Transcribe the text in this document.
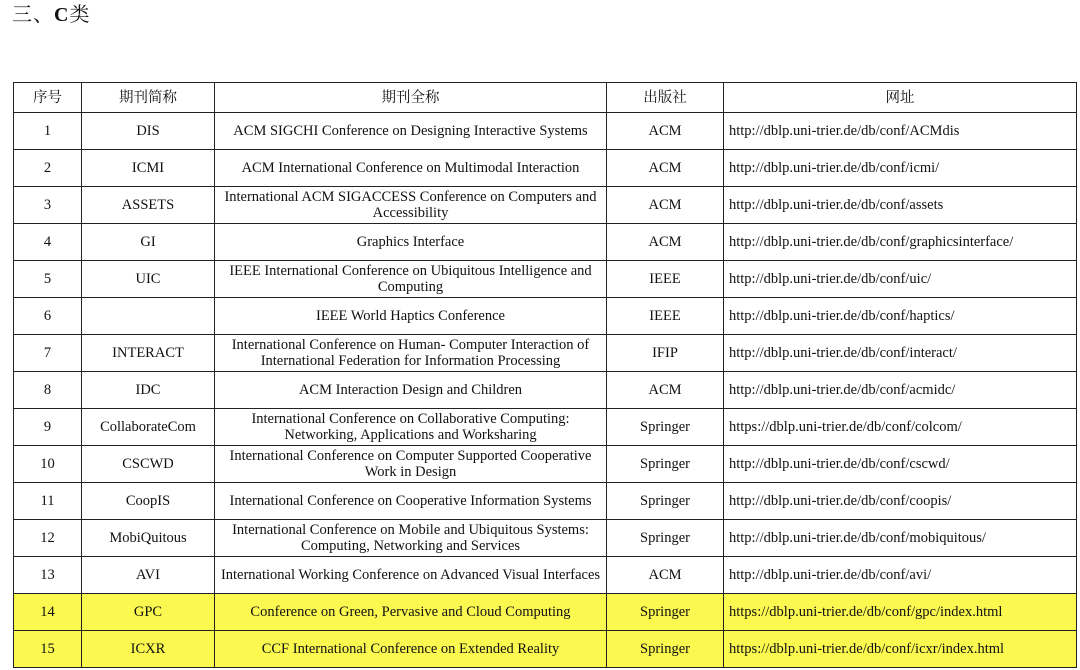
三、C类
序号	期刊简称	期刊全称	出版社	网址
1	DIS	ACM SIGCHI Conference on Designing Interactive Systems	ACM	http://dblp.uni-trier.de/db/conf/ACMdis
2	ICMI	ACM International Conference on Multimodal Interaction	ACM	http://dblp.uni-trier.de/db/conf/icmi/
3	ASSETS	International ACM SIGACCESS Conference on Computers and Accessibility	ACM	http://dblp.uni-trier.de/db/conf/assets
4	GI	Graphics Interface	ACM	http://dblp.uni-trier.de/db/conf/graphicsinterface/
5	UIC	IEEE International Conference on Ubiquitous Intelligence and Computing	IEEE	http://dblp.uni-trier.de/db/conf/uic/
6		IEEE World Haptics Conference	IEEE	http://dblp.uni-trier.de/db/conf/haptics/
7	INTERACT	International Conference on Human- Computer Interaction of International Federation for Information Processing	IFIP	http://dblp.uni-trier.de/db/conf/interact/
8	IDC	ACM Interaction Design and Children	ACM	http://dblp.uni-trier.de/db/conf/acmidc/
9	CollaborateCom	International Conference on Collaborative Computing: Networking, Applications and Worksharing	Springer	https://dblp.uni-trier.de/db/conf/colcom/
10	CSCWD	International Conference on Computer Supported Cooperative Work in Design	Springer	http://dblp.uni-trier.de/db/conf/cscwd/
11	CoopIS	International Conference on Cooperative Information Systems	Springer	http://dblp.uni-trier.de/db/conf/coopis/
12	MobiQuitous	International Conference on Mobile and Ubiquitous Systems: Computing, Networking and Services	Springer	http://dblp.uni-trier.de/db/conf/mobiquitous/
13	AVI	International Working Conference on Advanced Visual Interfaces	ACM	http://dblp.uni-trier.de/db/conf/avi/
14	GPC	Conference on Green, Pervasive and Cloud Computing	Springer	https://dblp.uni-trier.de/db/conf/gpc/index.html
15	ICXR	CCF International Conference on Extended Reality	Springer	https://dblp.uni-trier.de/db/conf/icxr/index.html
